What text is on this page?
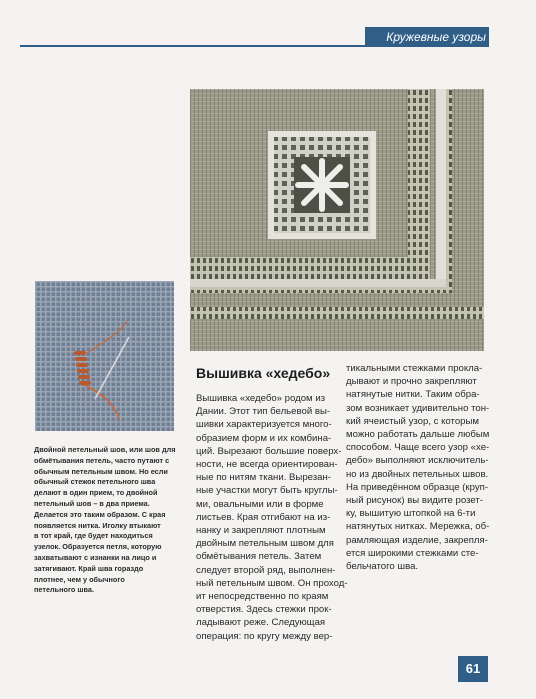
Кружевные узоры
Вышивка «хедебо»
Вышивка «хедебо» родом из
Дании. Этот тип бельевой вы-
шивки характеризуется много-
образием форм и их комбина-
ций. Вырезают большие поверх-
ности, не всегда ориентирован-
ные по нитям ткани. Вырезан-
ные участки могут быть круглы-
ми, овальными или в форме
листьев. Края отгибают на из-
нанку и закрепляют плотным
двойным петельным швом для
обмётывания петель. Затем
следует второй ряд, выполнен-
ный петельным швом. Он проход-
ит непосредственно по краям
отверстия. Здесь стежки прок-
ладывают реже. Следующая
операция: по кругу между вер-
тикальными стежками прокла-
дывают и прочно закрепляют
натянутые нитки. Таким обра-
зом возникает удивительно тон-
кий ячеистый узор, с которым
можно работать дальше любым
способом. Чаще всего узор «хе-
дебо» выполняют исключитель-
но из двойных петельных швов.
На приведённом образце (круп-
ный рисунок) вы видите розет-
ку, вышитую штопкой на 6-ти
натянутых нитках. Мережка, об-
рамляющая изделие, закрепля-
ется широкими стежками сте-
бельчатого шва.
Двойной петельный шов, или шов для
обмётывания петель, часто путают с
обычным петельным швом. Но если
обычный стежок петельного шва
делают в один прием, то двойной
петельный шов – в два приема.
Делается это таким образом. С края
появляется нитка. Иголку втыкают
в тот край, где будет находиться
узелок. Образуется петля, которую
захватывают с изнанки на лицо и
затягивают. Край шва гораздо
плотнее, чем у обычного
петельного шва.
61
